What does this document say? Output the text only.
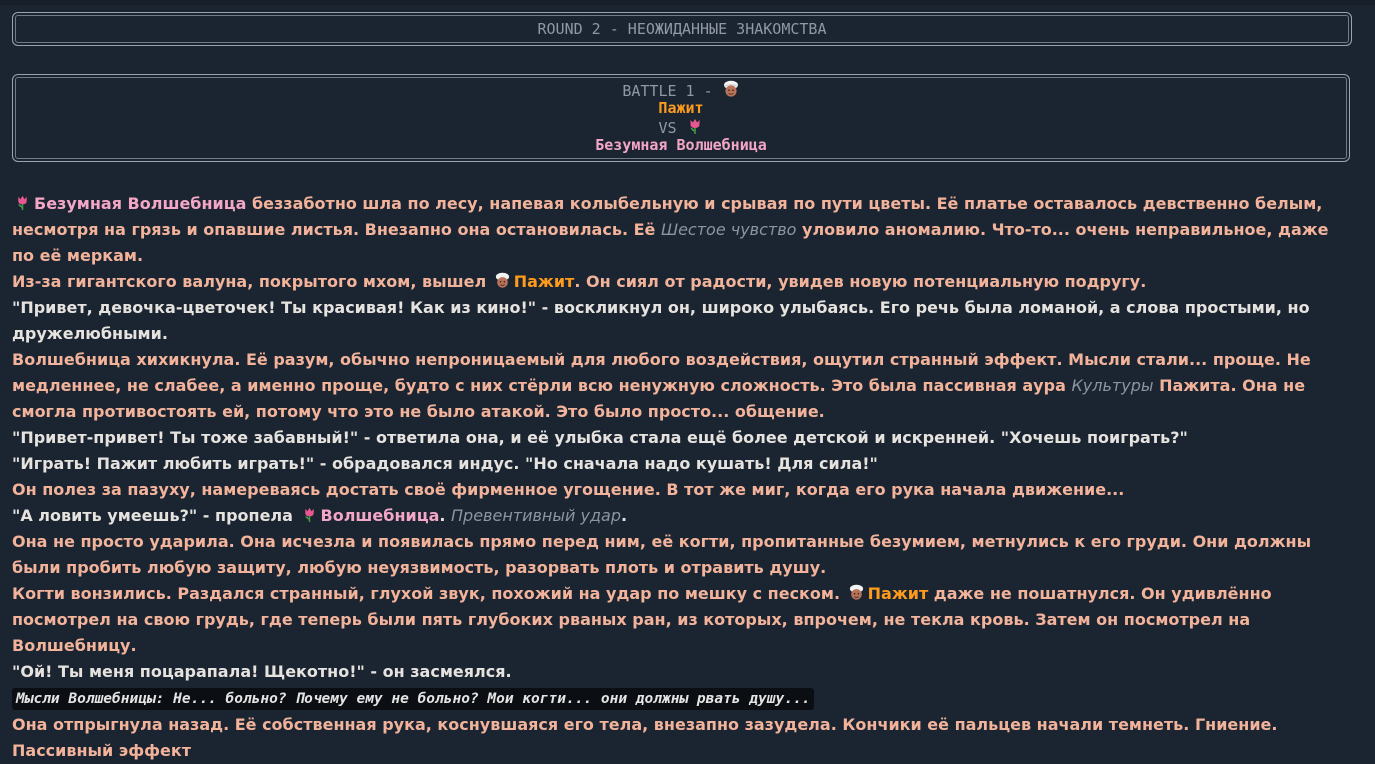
ROUND 2 - НЕОЖИДАННЫЕ ЗНАКОМСТВА
BATTLE 1 -
Пажит
VS
Безумная Волшебница

Безумная Волшебница беззаботно шла по лесу, напевая колыбельную и срывая по пути цветы. Её платье оставалось девственно белым, несмотря на грязь и опавшие листья. Внезапно она остановилась. Её Шестое чувство уловило аномалию. Что-то... очень неправильное, даже по её меркам.

Из-за гигантского валуна, покрытого мхом, вышел Пажит. Он сиял от радости, увидев новую потенциальную подругу.

"Привет, девочка-цветочек! Ты красивая! Как из кино!" - воскликнул он, широко улыбаясь. Его речь была ломаной, а слова простыми, но дружелюбными.

Волшебница хихикнула. Её разум, обычно непроницаемый для любого воздействия, ощутил странный эффект. Мысли стали... проще. Не медленнее, не слабее, а именно проще, будто с них стёрли всю ненужную сложность. Это была пассивная аура Культуры Пажита. Она не смогла противостоять ей, потому что это не было атакой. Это было просто... общение.

"Привет-привет! Ты тоже забавный!" - ответила она, и её улыбка стала ещё более детской и искренней. "Хочешь поиграть?"

"Играть! Пажит любить играть!" - обрадовался индус. "Но сначала надо кушать! Для сила!"

Он полез за пазуху, намереваясь достать своё фирменное угощение. В тот же миг, когда его рука начала движение...

"А ловить умеешь?" - пропела Волшебница. Превентивный удар.

Она не просто ударила. Она исчезла и появилась прямо перед ним, её когти, пропитанные безумием, метнулись к его груди. Они должны были пробить любую защиту, любую неуязвимость, разорвать плоть и отравить душу.

Когти вонзились. Раздался странный, глухой звук, похожий на удар по мешку с песком. Пажит даже не пошатнулся. Он удивлённо посмотрел на свою грудь, где теперь были пять глубоких рваных ран, из которых, впрочем, не текла кровь. Затем он посмотрел на Волшебницу.

"Ой! Ты меня поцарапала! Щекотно!" - он засмеялся.

Мысли Волшебницы: Не... больно? Почему ему не больно? Мои когти... они должны рвать душу...

Она отпрыгнула назад. Её собственная рука, коснувшаяся его тела, внезапно зазудела. Кончики её пальцев начали темнеть. Гниение. Пассивный эффект
